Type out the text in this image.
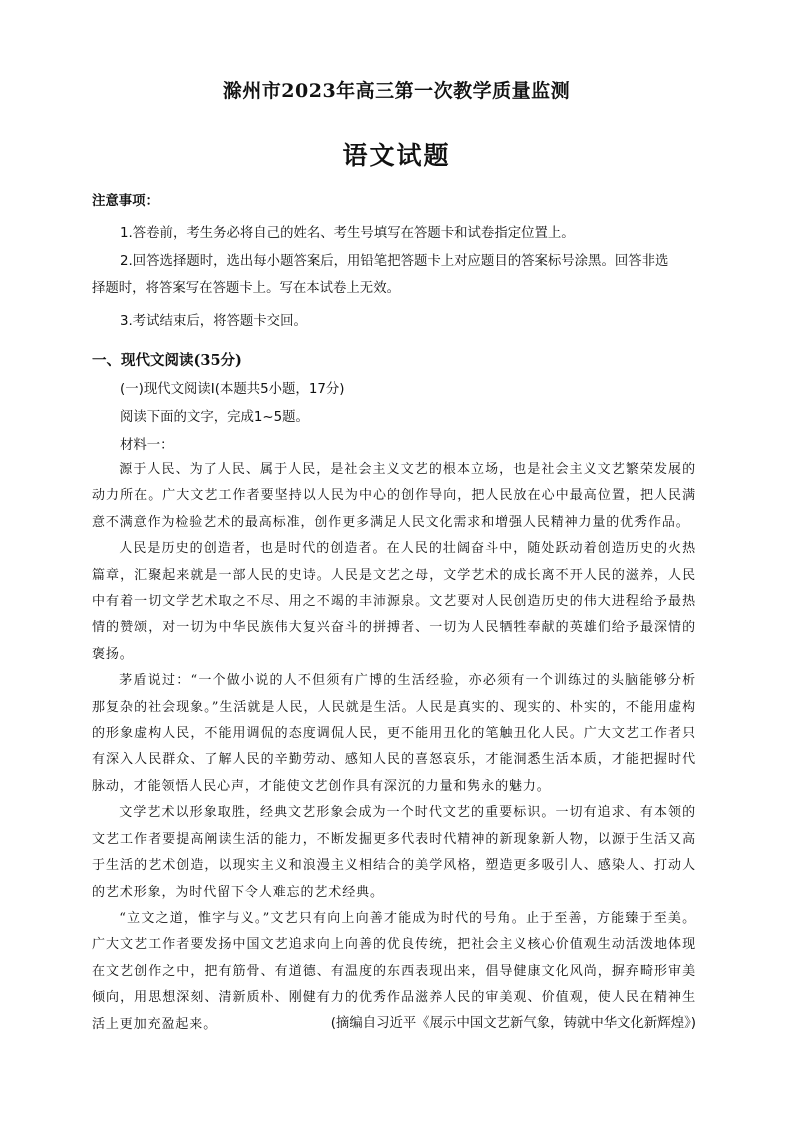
滁州市2023年高三第一次教学质量监测
语文试题
注意事项：
1.答卷前，考生务必将自己的姓名、考生号填写在答题卡和试卷指定位置上。
2.回答选择题时，选出每小题答案后，用铅笔把答题卡上对应题目的答案标号涂黑。回答非选
择题时，将答案写在答题卡上。写在本试卷上无效。
3.考试结束后，将答题卡交回。
一、现代文阅读(35分)
(一)现代文阅读Ⅰ(本题共5小题，17分)
阅读下面的文字，完成1~5题。
材料一：

源于人民、为了人民、属于人民，是社会主义文艺的根本立场，也是社会主义文艺繁荣发展的动力所在。广大文艺工作者要坚持以人民为中心的创作导向，把人民放在心中最高位置，把人民满意不满意作为检验艺术的最高标准，创作更多满足人民文化需求和增强人民精神力量的优秀作品。

人民是历史的创造者，也是时代的创造者。在人民的壮阔奋斗中，随处跃动着创造历史的火热篇章，汇聚起来就是一部人民的史诗。人民是文艺之母，文学艺术的成长离不开人民的滋养，人民中有着一切文学艺术取之不尽、用之不竭的丰沛源泉。文艺要对人民创造历史的伟大进程给予最热情的赞颂，对一切为中华民族伟大复兴奋斗的拼搏者、一切为人民牺牲奉献的英雄们给予最深情的褒扬。

茅盾说过：“一个做小说的人不但须有广博的生活经验，亦必须有一个训练过的头脑能够分析那复杂的社会现象。”生活就是人民，人民就是生活。人民是真实的、现实的、朴实的，不能用虚构的形象虚构人民，不能用调侃的态度调侃人民，更不能用丑化的笔触丑化人民。广大文艺工作者只有深入人民群众、了解人民的辛勤劳动、感知人民的喜怒哀乐，才能洞悉生活本质，才能把握时代脉动，才能领悟人民心声，才能使文艺创作具有深沉的力量和隽永的魅力。

文学艺术以形象取胜，经典文艺形象会成为一个时代文艺的重要标识。一切有追求、有本领的文艺工作者要提高阐读生活的能力，不断发掘更多代表时代精神的新现象新人物，以源于生活又高于生活的艺术创造，以现实主义和浪漫主义相结合的美学风格，塑造更多吸引人、感染人、打动人的艺术形象，为时代留下令人难忘的艺术经典。

“立文之道，惟字与义。”文艺只有向上向善才能成为时代的号角。止于至善，方能臻于至美。广大文艺工作者要发扬中国文艺追求向上向善的优良传统，把社会主义核心价值观生动活泼地体现在文艺创作之中，把有筋骨、有道德、有温度的东西表现出来，倡导健康文化风尚，摒弃畸形审美倾向，用思想深刻、清新质朴、刚健有力的优秀作品滋养人民的审美观、价值观，使人民在精神生活上更加充盈起来。	(摘编自习近平《展示中国文艺新气象，铸就中华文化新辉煌》)
